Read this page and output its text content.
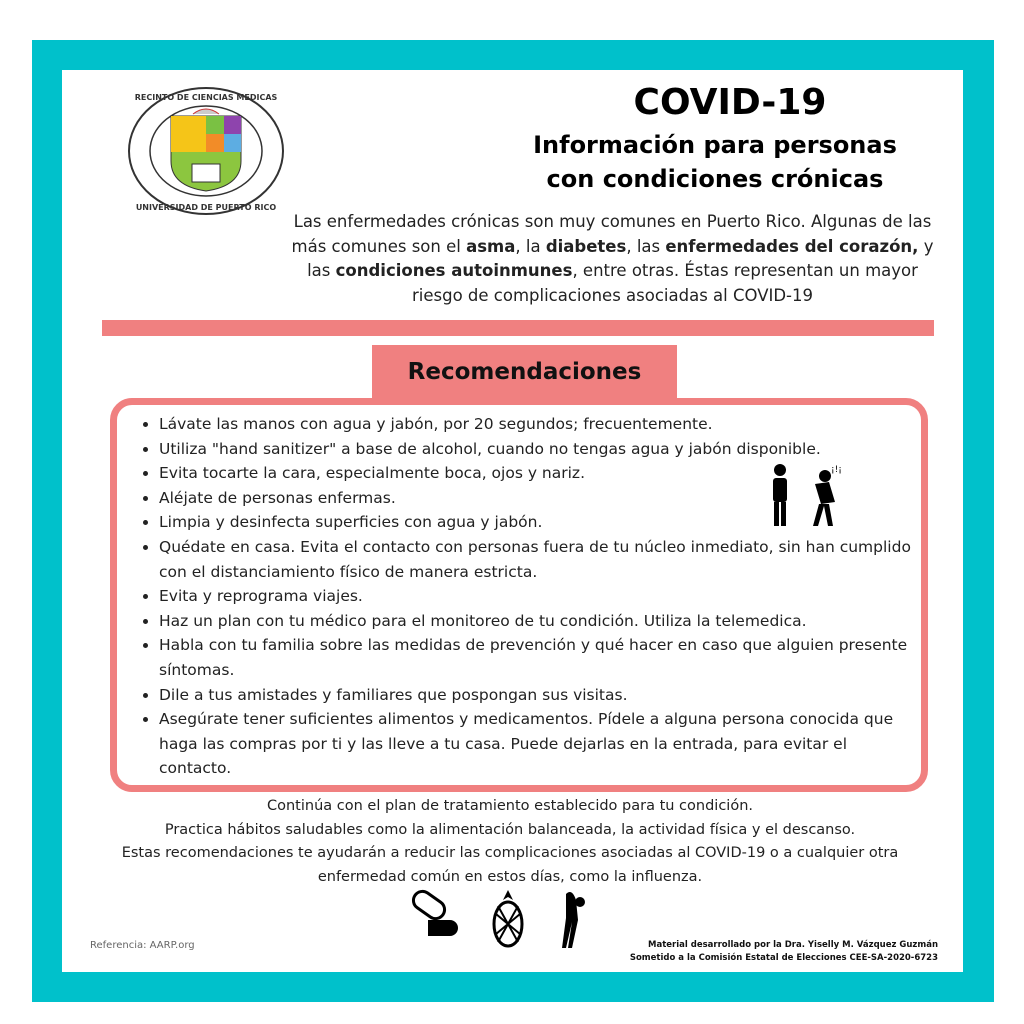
RECINTO DE CIENCIAS MEDICAS
UNIVERSIDAD DE PUERTO RICO
COVID-19
Información para personas
con condiciones crónicas
Las enfermedades crónicas son muy comunes en Puerto Rico. Algunas de las más comunes son el asma, la diabetes, las enfermedades del corazón, y las condiciones autoinmunes, entre otras. Éstas representan un mayor riesgo de complicaciones asociadas al COVID-19
Recomendaciones
• Lávate las manos con agua y jabón, por 20 segundos; frecuentemente.
• Utiliza "hand sanitizer" a base de alcohol, cuando no tengas agua y jabón disponible.
• Evita tocarte la cara, especialmente boca, ojos y nariz.
• Aléjate de personas enfermas.
• Limpia y desinfecta superficies con agua y jabón.
• Quédate en casa. Evita el contacto con personas fuera de tu núcleo inmediato, sin han cumplido con el distanciamiento físico de manera estricta.
• Evita y reprograma viajes.
• Haz un plan con tu médico para el monitoreo de tu condición. Utiliza la telemedica.
• Habla con tu familia sobre las medidas de prevención y qué hacer en caso que alguien presente síntomas.
• Dile a tus amistades y familiares que pospongan sus visitas.
• Asegúrate tener suficientes alimentos y medicamentos. Pídele a alguna persona conocida que haga las compras por ti y las lleve a tu casa. Puede dejarlas en la entrada, para evitar el contacto.
¡!¡
Continúa con el plan de tratamiento establecido para tu condición.
Practica hábitos saludables como la alimentación balanceada, la actividad física y el descanso.
Estas recomendaciones te ayudarán a reducir las complicaciones asociadas al COVID-19 o a cualquier otra enfermedad común en estos días, como la influenza.
Referencia: AARP.org	Material desarrollado por la Dra. Yiselly M. Vázquez Guzmán
Sometido a la Comisión Estatal de Elecciones CEE-SA-2020-6723
